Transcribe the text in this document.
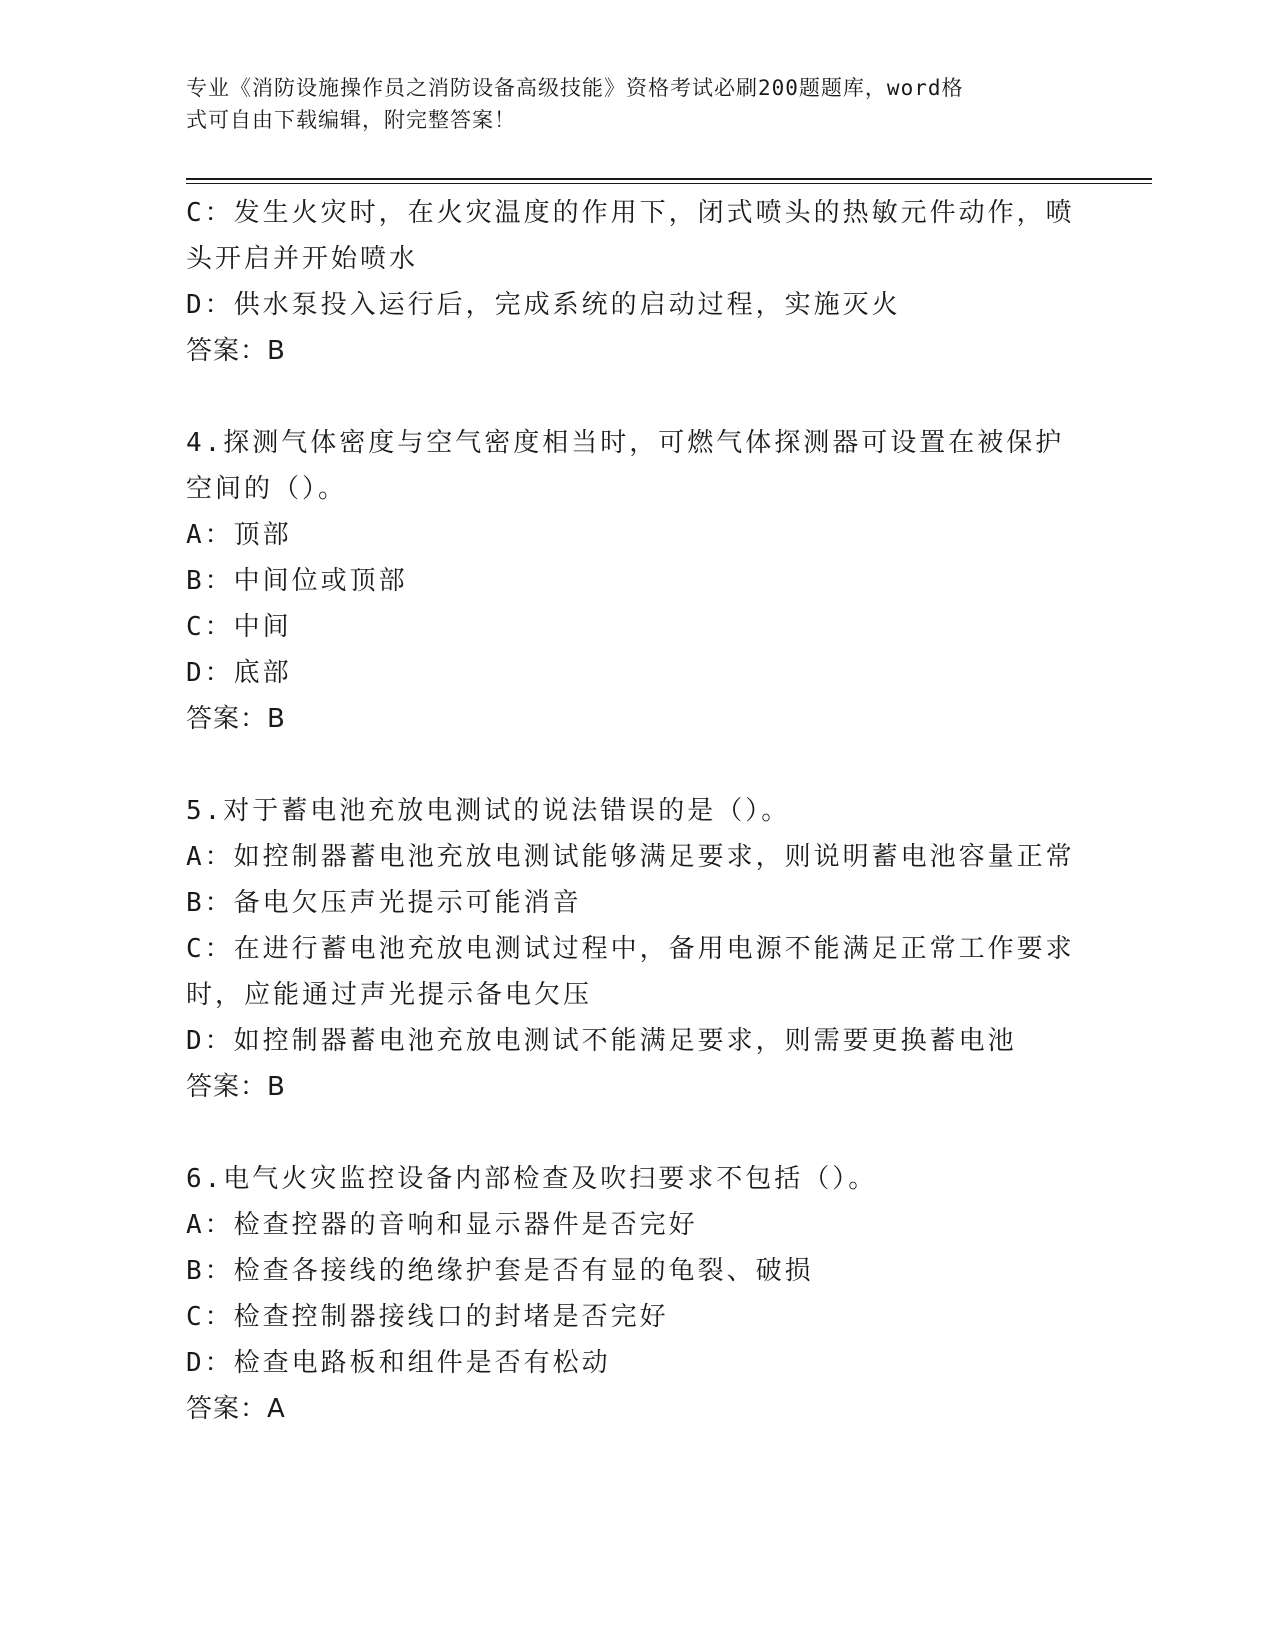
专业《消防设施操作员之消防设备高级技能》资格考试必刷200题题库，word格
式可自由下载编辑，附完整答案！
C：发生火灾时，在火灾温度的作用下，闭式喷头的热敏元件动作，喷
头开启并开始喷水
D：供水泵投入运行后，完成系统的启动过程，实施灭火
答案：B
4.探测气体密度与空气密度相当时，可燃气体探测器可设置在被保护
空间的（）。
A：顶部
B：中间位或顶部
C：中间
D：底部
答案：B
5.对于蓄电池充放电测试的说法错误的是（）。
A：如控制器蓄电池充放电测试能够满足要求，则说明蓄电池容量正常
B：备电欠压声光提示可能消音
C：在进行蓄电池充放电测试过程中，备用电源不能满足正常工作要求
时，应能通过声光提示备电欠压
D：如控制器蓄电池充放电测试不能满足要求，则需要更换蓄电池
答案：B
6.电气火灾监控设备内部检查及吹扫要求不包括（）。
A：检查控器的音响和显示器件是否完好
B：检查各接线的绝缘护套是否有显的龟裂、破损
C：检查控制器接线口的封堵是否完好
D：检查电路板和组件是否有松动
答案：A
